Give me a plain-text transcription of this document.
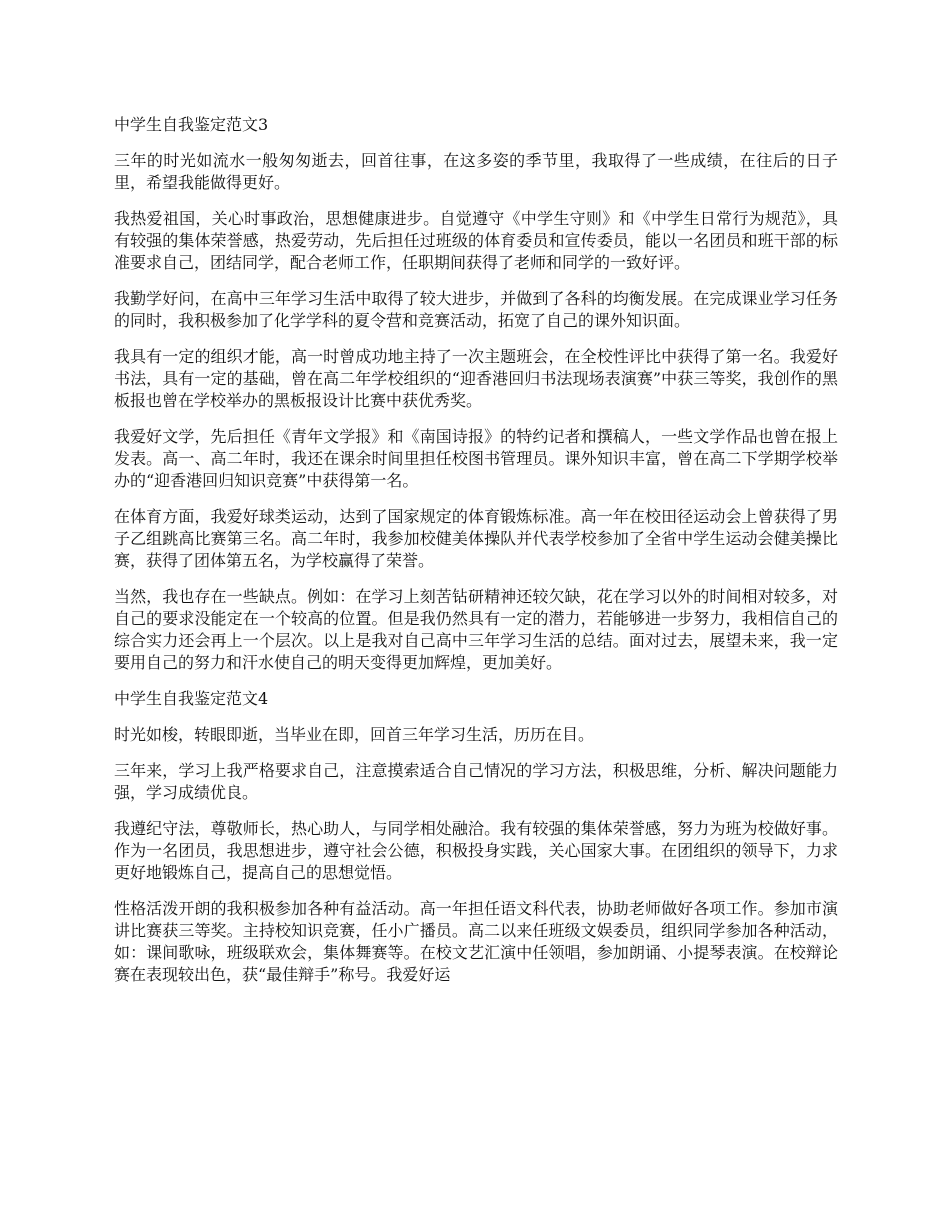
中学生自我鉴定范文3

三年的时光如流水一般匆匆逝去，回首往事，在这多姿的季节里，我取得了一些成绩，在往后的日子里，希望我能做得更好。

我热爱祖国，关心时事政治，思想健康进步。自觉遵守《中学生守则》和《中学生日常行为规范》，具有较强的集体荣誉感，热爱劳动，先后担任过班级的体育委员和宣传委员，能以一名团员和班干部的标准要求自己，团结同学，配合老师工作，任职期间获得了老师和同学的一致好评。

我勤学好问，在高中三年学习生活中取得了较大进步，并做到了各科的均衡发展。在完成课业学习任务的同时，我积极参加了化学学科的夏令营和竞赛活动，拓宽了自己的课外知识面。

我具有一定的组织才能，高一时曾成功地主持了一次主题班会，在全校性评比中获得了第一名。我爱好书法，具有一定的基础，曾在高二年学校组织的“迎香港回归书法现场表演赛”中获三等奖，我创作的黑板报也曾在学校举办的黑板报设计比赛中获优秀奖。

我爱好文学，先后担任《青年文学报》和《南国诗报》的特约记者和撰稿人，一些文学作品也曾在报上发表。高一、高二年时，我还在课余时间里担任校图书管理员。课外知识丰富，曾在高二下学期学校举办的“迎香港回归知识竞赛”中获得第一名。

在体育方面，我爱好球类运动，达到了国家规定的体育锻炼标准。高一年在校田径运动会上曾获得了男子乙组跳高比赛第三名。高二年时，我参加校健美体操队并代表学校参加了全省中学生运动会健美操比赛，获得了团体第五名，为学校赢得了荣誉。

当然，我也存在一些缺点。例如：在学习上刻苦钻研精神还较欠缺，花在学习以外的时间相对较多，对自己的要求没能定在一个较高的位置。但是我仍然具有一定的潜力，若能够进一步努力，我相信自己的综合实力还会再上一个层次。以上是我对自己高中三年学习生活的总结。面对过去，展望未来，我一定要用自己的努力和汗水使自己的明天变得更加辉煌，更加美好。

中学生自我鉴定范文4

时光如梭，转眼即逝，当毕业在即，回首三年学习生活，历历在目。

三年来，学习上我严格要求自己，注意摸索适合自己情况的学习方法，积极思维，分析、解决问题能力强，学习成绩优良。

我遵纪守法，尊敬师长，热心助人，与同学相处融洽。我有较强的集体荣誉感，努力为班为校做好事。作为一名团员，我思想进步，遵守社会公德，积极投身实践，关心国家大事。在团组织的领导下，力求更好地锻炼自己，提高自己的思想觉悟。

性格活泼开朗的我积极参加各种有益活动。高一年担任语文科代表，协助老师做好各项工作。参加市演讲比赛获三等奖。主持校知识竞赛，任小广播员。高二以来任班级文娱委员，组织同学参加各种活动，如：课间歌咏，班级联欢会，集体舞赛等。在校文艺汇演中任领唱，参加朗诵、小提琴表演。在校辩论赛在表现较出色，获“最佳辩手”称号。我爱好运
